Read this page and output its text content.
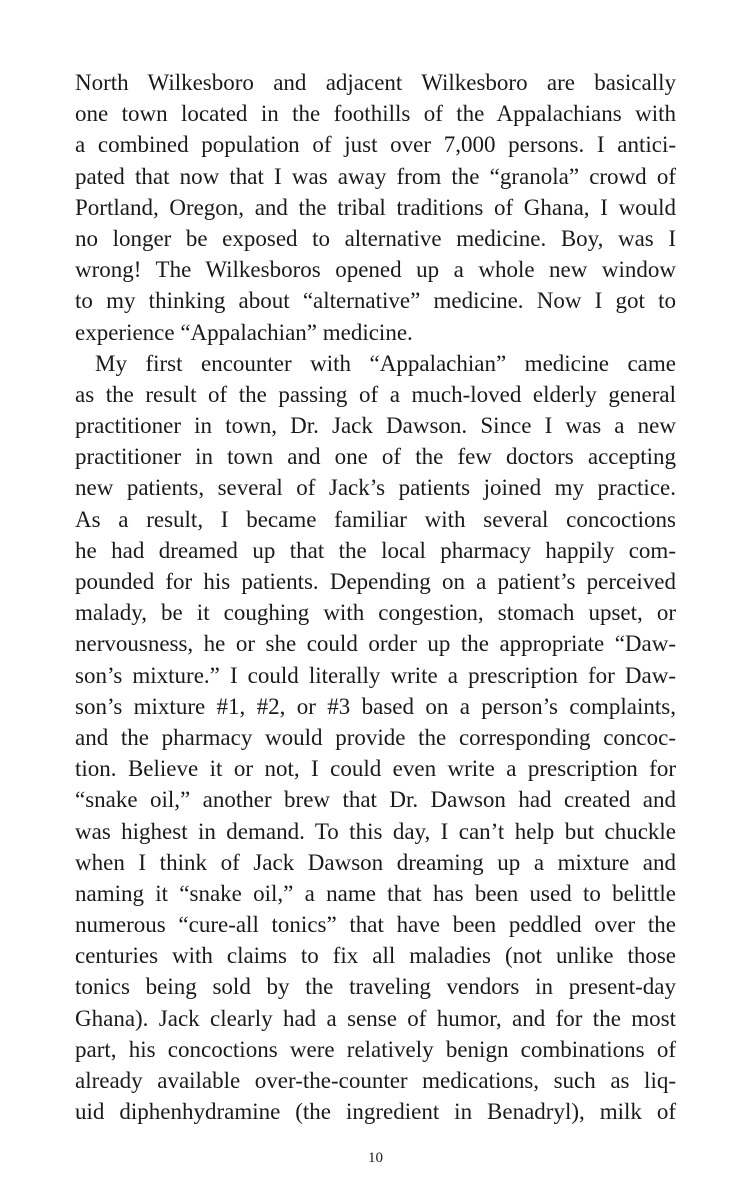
North Wilkesboro and adjacent Wilkesboro are basically
one town located in the foothills of the Appalachians with
a combined population of just over 7,000 persons. I antici-
pated that now that I was away from the “granola” crowd of
Portland, Oregon, and the tribal traditions of Ghana, I would
no longer be exposed to alternative medicine. Boy, was I
wrong! The Wilkesboros opened up a whole new window
to my thinking about “alternative” medicine. Now I got to
experience “Appalachian” medicine.
My first encounter with “Appalachian” medicine came
as the result of the passing of a much-loved elderly general
practitioner in town, Dr. Jack Dawson. Since I was a new
practitioner in town and one of the few doctors accepting
new patients, several of Jack’s patients joined my practice.
As a result, I became familiar with several concoctions
he had dreamed up that the local pharmacy happily com-
pounded for his patients. Depending on a patient’s perceived
malady, be it coughing with congestion, stomach upset, or
nervousness, he or she could order up the appropriate “Daw-
son’s mixture.” I could literally write a prescription for Daw-
son’s mixture #1, #2, or #3 based on a person’s complaints,
and the pharmacy would provide the corresponding concoc-
tion. Believe it or not, I could even write a prescription for
“snake oil,” another brew that Dr. Dawson had created and
was highest in demand. To this day, I can’t help but chuckle
when I think of Jack Dawson dreaming up a mixture and
naming it “snake oil,” a name that has been used to belittle
numerous “cure-all tonics” that have been peddled over the
centuries with claims to fix all maladies (not unlike those
tonics being sold by the traveling vendors in present-day
Ghana). Jack clearly had a sense of humor, and for the most
part, his concoctions were relatively benign combinations of
already available over-the-counter medications, such as liq-
uid diphenhydramine (the ingredient in Benadryl), milk of
10
